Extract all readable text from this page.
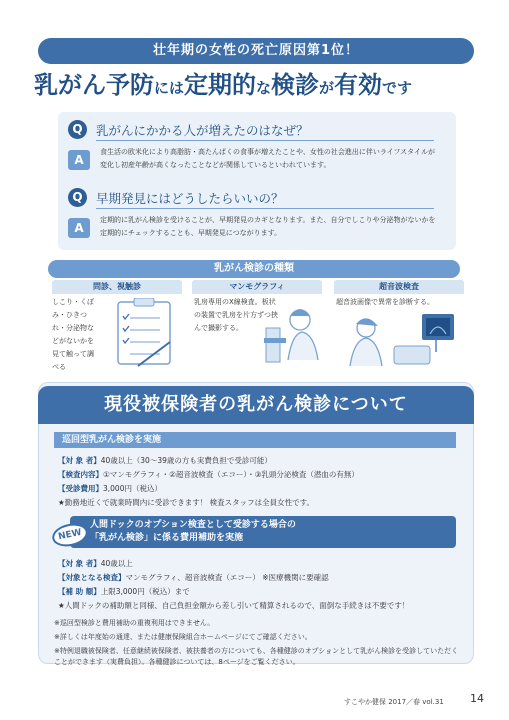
壮年期の女性の死亡原因第1位！
乳がん予防には定期的な検診が有効です
Q	乳がんにかかる人が増えたのはなぜ？
A
食生活の欧米化により高脂肪・高たんぱくの食事が増えたことや、女性の社会進出に伴いライフスタイルが変化し初産年齢が高くなったことなどが関係しているといわれています。
Q	早期発見にはどうしたらいいの？
A
定期的に乳がん検診を受けることが、早期発見のカギとなります。また、自分でしこりや分泌物がないかを定期的にチェックすることも、早期発見につながります。
乳がん検診の種類
問診、視触診
しこり・くぼみ・ひきつれ・分泌物などがないかを見て触って調べる
マンモグラフィ
乳房専用のX線検査。板状の装置で乳房を片方ずつ挟んで撮影する。
超音波検査
超音波画像で異常を診断する。
現役被保険者の乳がん検診について
巡回型乳がん検診を実施
【対 象 者】40歳以上（30～39歳の方も実費負担で受診可能）
【検査内容】①マンモグラフィ・②超音波検査（エコー）・③乳頭分泌検査（潜血の有無）
【受診費用】3,000円（税込）
★勤務地近くで就業時間内に受診できます！ 検査スタッフは全員女性です。
人間ドックのオプション検査として受診する場合の
「乳がん検診」に係る費用補助を実施
NEW
【対 象 者】40歳以上
【対象となる検査】マンモグラフィ、超音波検査（エコー） ※医療機関に要確認
【補 助 額】上限3,000円（税込）まで
★人間ドックの補助額と同様、自己負担金額から差し引いて精算されるので、面倒な手続きは不要です！
※巡回型検診と費用補助の重複利用はできません。
※詳しくは年度始の通達、または健康保険組合ホームページにてご確認ください。
※特例退職被保険者、任意継続被保険者、被扶養者の方についても、各種健診のオプションとして乳がん検診を受診していただくことができます（実費負担）。各種健診については、8ページをご覧ください。
すこやか健保 2017／春 vol.31 14
